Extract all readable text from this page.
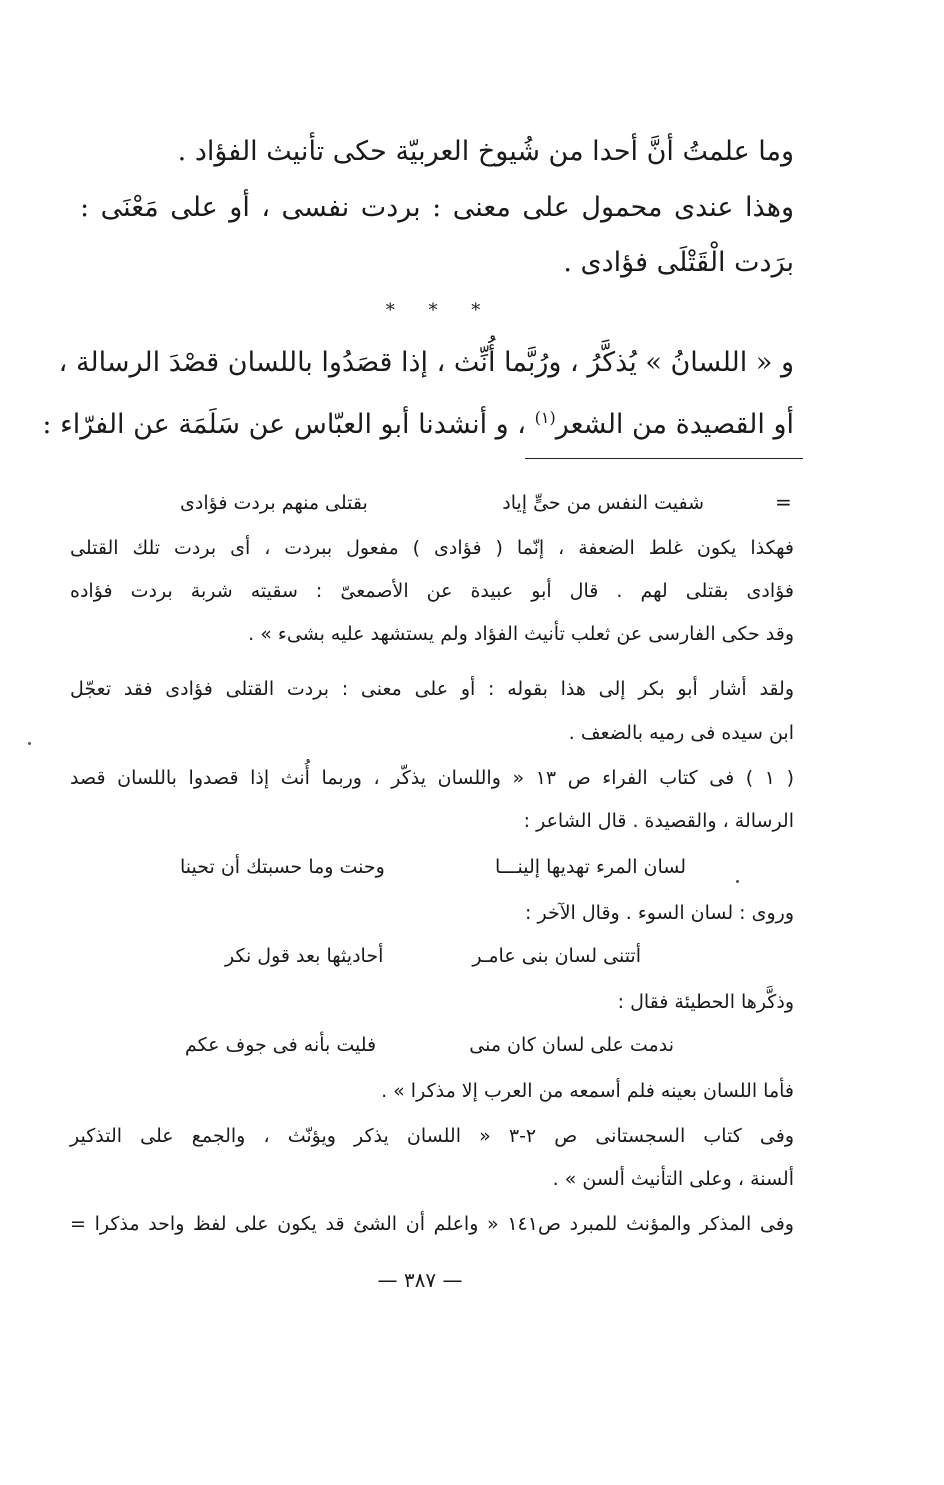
وما علمتُ أنَّ أحدا من شُيوخ العربيّة حكى تأنيث الفؤاد .
وهذا عندى محمول على معنى : بردت نفسى ، أو على مَعْنَى :
برَدت الْقَتْلَى فؤادى .
* * *
و « اللسانُ » يُذكَّرُ ، ورُبَّما أُنِّث ، إذا قصَدُوا باللسان قصْدَ الرسالة ،
أو القصيدة من الشعر$^{(١)}$ ، و أنشدنا أبو العبّاس عن سَلَمَة عن الفرّاء :
=
شفيت النفس من حىٍّ إياد
بقتلى منهم بردت فؤادى
فهكذا يكون غلط الضعفة ، إنّما ( فؤادى ) مفعول ببردت ، أى بردت تلك القتلى
فؤادى بقتلى لهم . قال أبو عبيدة عن الأصمعىّ : سقيته شربة بردت فؤاده
وقد حكى الفارسى عن ثعلب تأنيث الفؤاد ولم يستشهد عليه بشىء » .
ولقد أشار أبو بكر إلى هذا بقوله : أو على معنى : بردت القتلى فؤادى فقد تعجّل
ابن سيده فى رميه بالضعف .
( ١ ) فى كتاب الفراء ص ١٣ « واللسان يذكّر ، وربما أُنث إذا قصدوا باللسان قصد
الرسالة ، والقصيدة . قال الشاعر :
لسان المرء تهديها إلينـــا
وحنت وما حسبتك أن تحينا
وروى : لسان السوء . وقال الآخر :
أتتنى لسان بنى عامـر
أحاديثها بعد قول نكر
وذكَّرها الحطيئة فقال :
ندمت على لسان كان منى
فليت بأنه فى جوف عكم
فأما اللسان بعينه فلم أسمعه من العرب إلا مذكرا » .
وفى كتاب السجستانى ص ٢-٣ « اللسان يذكر ويؤنّث ، والجمع على التذكير
ألسنة ، وعلى التأنيث ألسن » .
وفى المذكر والمؤنث للمبرد ص١٤١ « واعلم أن الشئ قد يكون على لفظ واحد مذكرا =
— ٣٨٧ —
